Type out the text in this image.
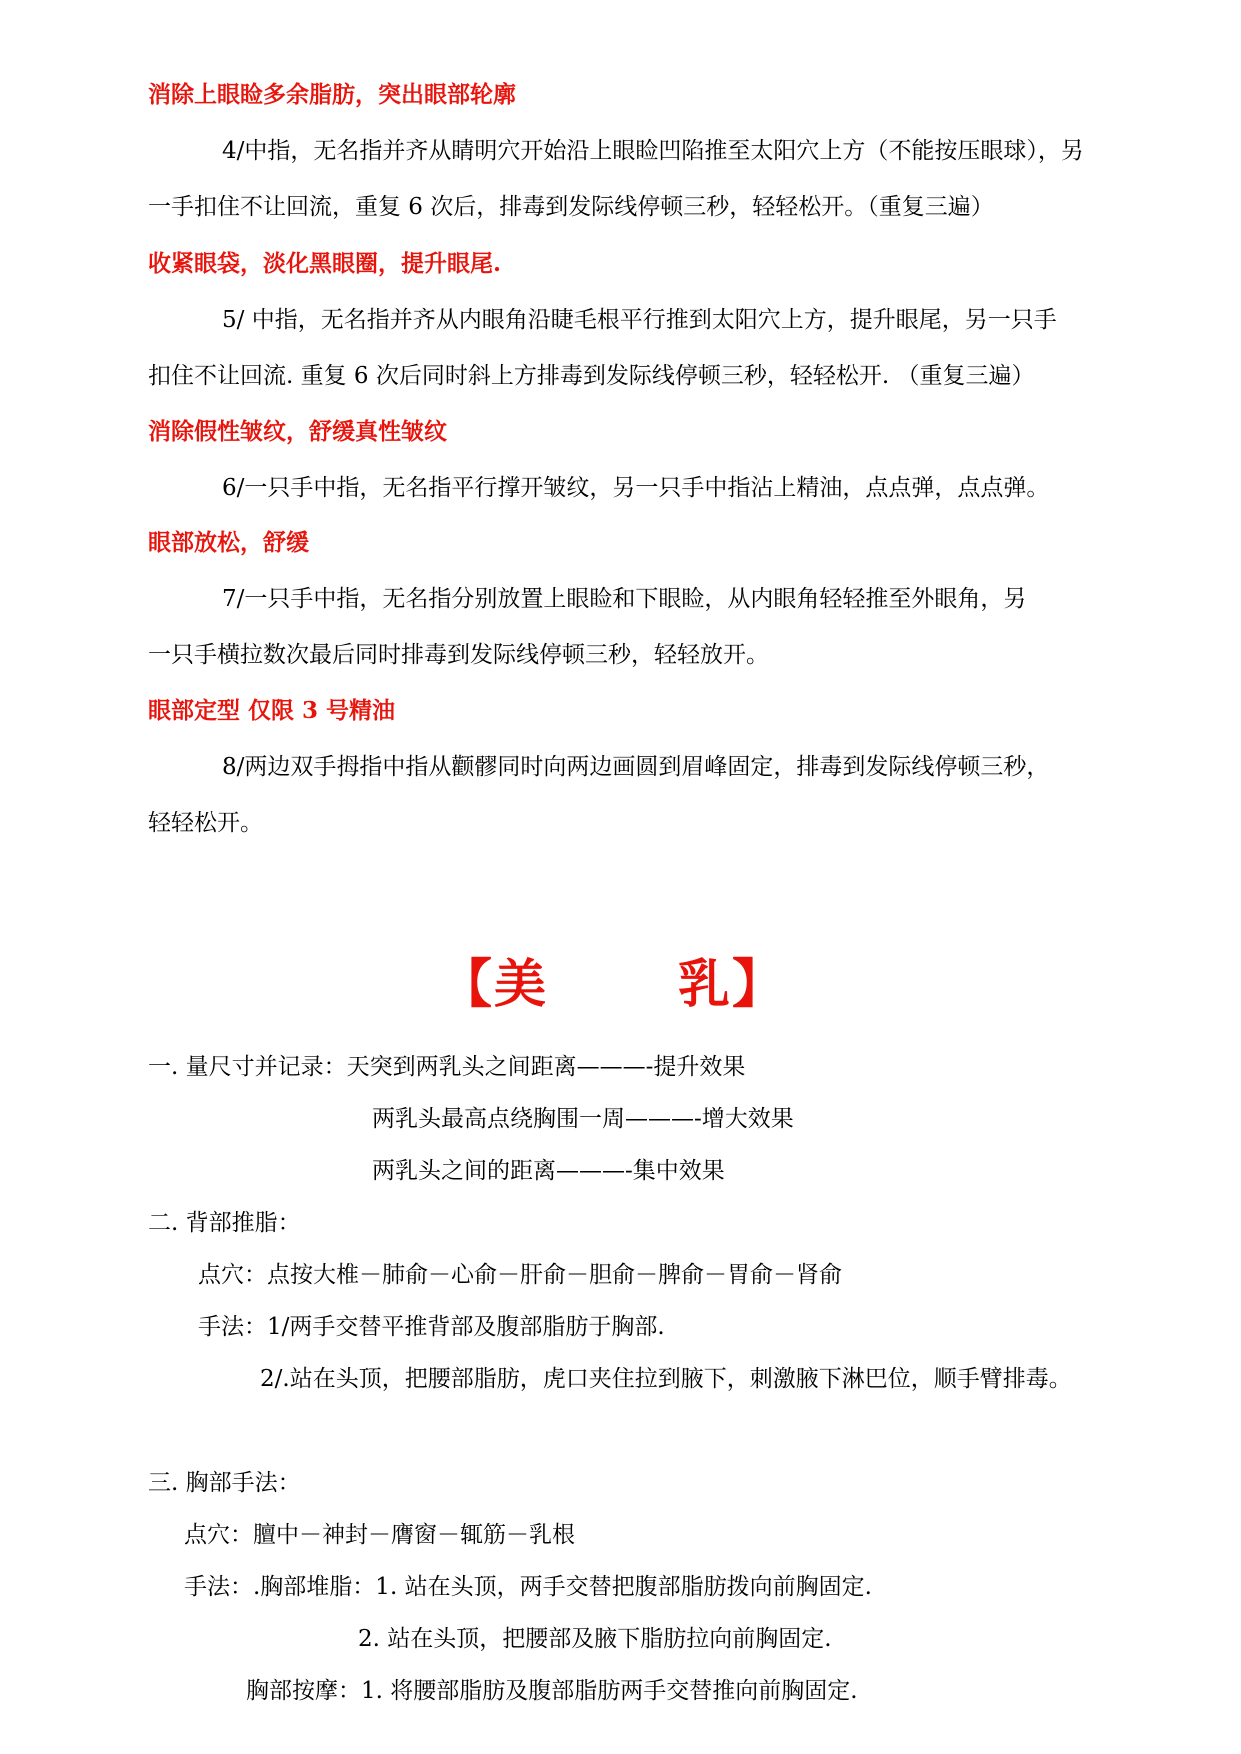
消除上眼睑多余脂肪，突出眼部轮廓
4/中指，无名指并齐从睛明穴开始沿上眼睑凹陷推至太阳穴上方（不能按压眼球），另
一手扣住不让回流，重复 6 次后，排毒到发际线停顿三秒，轻轻松开。（重复三遍）
收紧眼袋，淡化黑眼圈，提升眼尾.
5/ 中指，无名指并齐从内眼角沿睫毛根平行推到太阳穴上方，提升眼尾，另一只手
扣住不让回流. 重复 6 次后同时斜上方排毒到发际线停顿三秒，轻轻松开. （重复三遍）
消除假性皱纹，舒缓真性皱纹
6/一只手中指，无名指平行撑开皱纹，另一只手中指沾上精油，点点弹，点点弹。
眼部放松，舒缓
7/一只手中指，无名指分别放置上眼睑和下眼睑，从内眼角轻轻推至外眼角，另
一只手横拉数次最后同时排毒到发际线停顿三秒，轻轻放开。
眼部定型 仅限 3 号精油
8/两边双手拇指中指从颧髎同时向两边画圆到眉峰固定，排毒到发际线停顿三秒，
轻轻松开。
【美	乳】
一. 量尺寸并记录：天突到两乳头之间距离———-提升效果
两乳头最高点绕胸围一周———-增大效果
两乳头之间的距离———-集中效果
二. 背部推脂：
点穴：点按大椎－肺俞－心俞－肝俞－胆俞－脾俞－胃俞－肾俞
手法：1/两手交替平推背部及腹部脂肪于胸部.
2/.站在头顶，把腰部脂肪，虎口夹住拉到腋下，刺激腋下淋巴位，顺手臂排毒。
三. 胸部手法：
点穴：膻中－神封－膺窗－辄筋－乳根
手法：.胸部堆脂：1. 站在头顶，两手交替把腹部脂肪拨向前胸固定.
2. 站在头顶，把腰部及腋下脂肪拉向前胸固定.
胸部按摩：1. 将腰部脂肪及腹部脂肪两手交替推向前胸固定.
